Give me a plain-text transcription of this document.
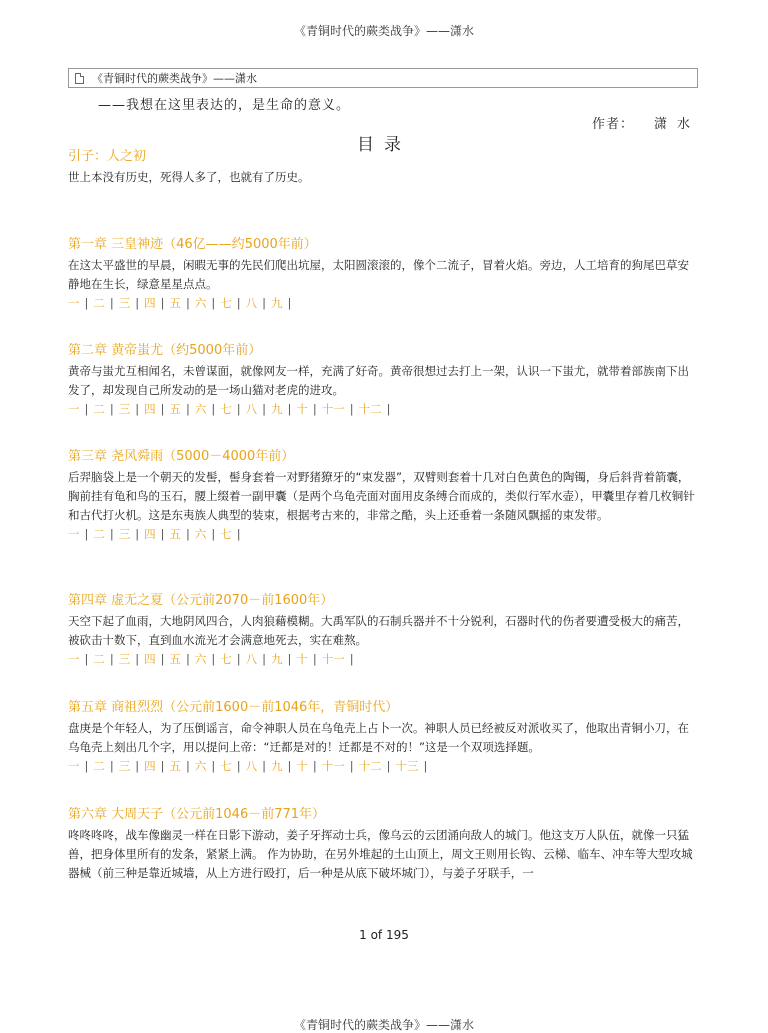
《青铜时代的蕨类战争》——潇水
《青铜时代的蕨类战争》——潇水
——我想在这里表达的，是生命的意义。
作者： 潇水
目录

引子：人之初

世上本没有历史，死得人多了，也就有了历史。

第一章 三皇神迹（46亿——约5000年前）

在这太平盛世的早晨，闲暇无事的先民们爬出坑屋，太阳圆滚滚的，像个二流子，冒着火焰。旁边，人工培育的狗尾巴草安静地在生长，绿意星星点点。

一 | 二 | 三 | 四 | 五 | 六 | 七 | 八 | 九 |

第二章 黄帝蚩尤（约5000年前）

黄帝与蚩尤互相闻名，未曾谋面，就像网友一样，充满了好奇。黄帝很想过去打上一架，认识一下蚩尤，就带着部族南下出发了，却发现自己所发动的是一场山猫对老虎的进攻。

一 | 二 | 三 | 四 | 五 | 六 | 七 | 八 | 九 | 十 | 十一 | 十二 |

第三章 尧风舜雨（5000－4000年前）

后羿脑袋上是一个朝天的发髻，髻身套着一对野猪獠牙的“束发器”，双臂则套着十几对白色黄色的陶镯，身后斜背着箭囊，胸前挂有龟和鸟的玉石，腰上缀着一副甲囊（是两个乌龟壳面对面用皮条缚合而成的，类似行军水壶），甲囊里存着几枚铜针和古代打火机。这是东夷族人典型的装束，根据考古来的，非常之酷，头上还垂着一条随风飘摇的束发带。

一 | 二 | 三 | 四 | 五 | 六 | 七 |

第四章 虚无之夏（公元前2070－前1600年）

天空下起了血雨，大地阴风四合，人肉狼藉模糊。大禹军队的石制兵器并不十分锐利，石器时代的伤者要遭受极大的痛苦，被砍击十数下，直到血水流光才会满意地死去，实在难熬。

一 | 二 | 三 | 四 | 五 | 六 | 七 | 八 | 九 | 十 | 十一 |

第五章 商祖烈烈（公元前1600－前1046年，青铜时代）

盘庚是个年轻人，为了压倒谣言，命令神职人员在乌龟壳上占卜一次。神职人员已经被反对派收买了，他取出青铜小刀，在乌龟壳上刻出几个字，用以提问上帝：“迁都是对的！迁都是不对的！”这是一个双项选择题。

一 | 二 | 三 | 四 | 五 | 六 | 七 | 八 | 九 | 十 | 十一 | 十二 | 十三 |

第六章 大周天子（公元前1046－前771年）

咚咚咚咚，战车像幽灵一样在日影下游动，姜子牙挥动士兵，像乌云的云团涌向敌人的城门。他这支万人队伍，就像一只猛兽，把身体里所有的发条，紧紧上满。 作为协助，在另外堆起的土山顶上，周文王则用长钩、云梯、临车、冲车等大型攻城器械（前三种是靠近城墙，从上方进行殴打，后一种是从底下破坏城门），与姜子牙联手，一

1 of 195
《青铜时代的蕨类战争》——潇水
